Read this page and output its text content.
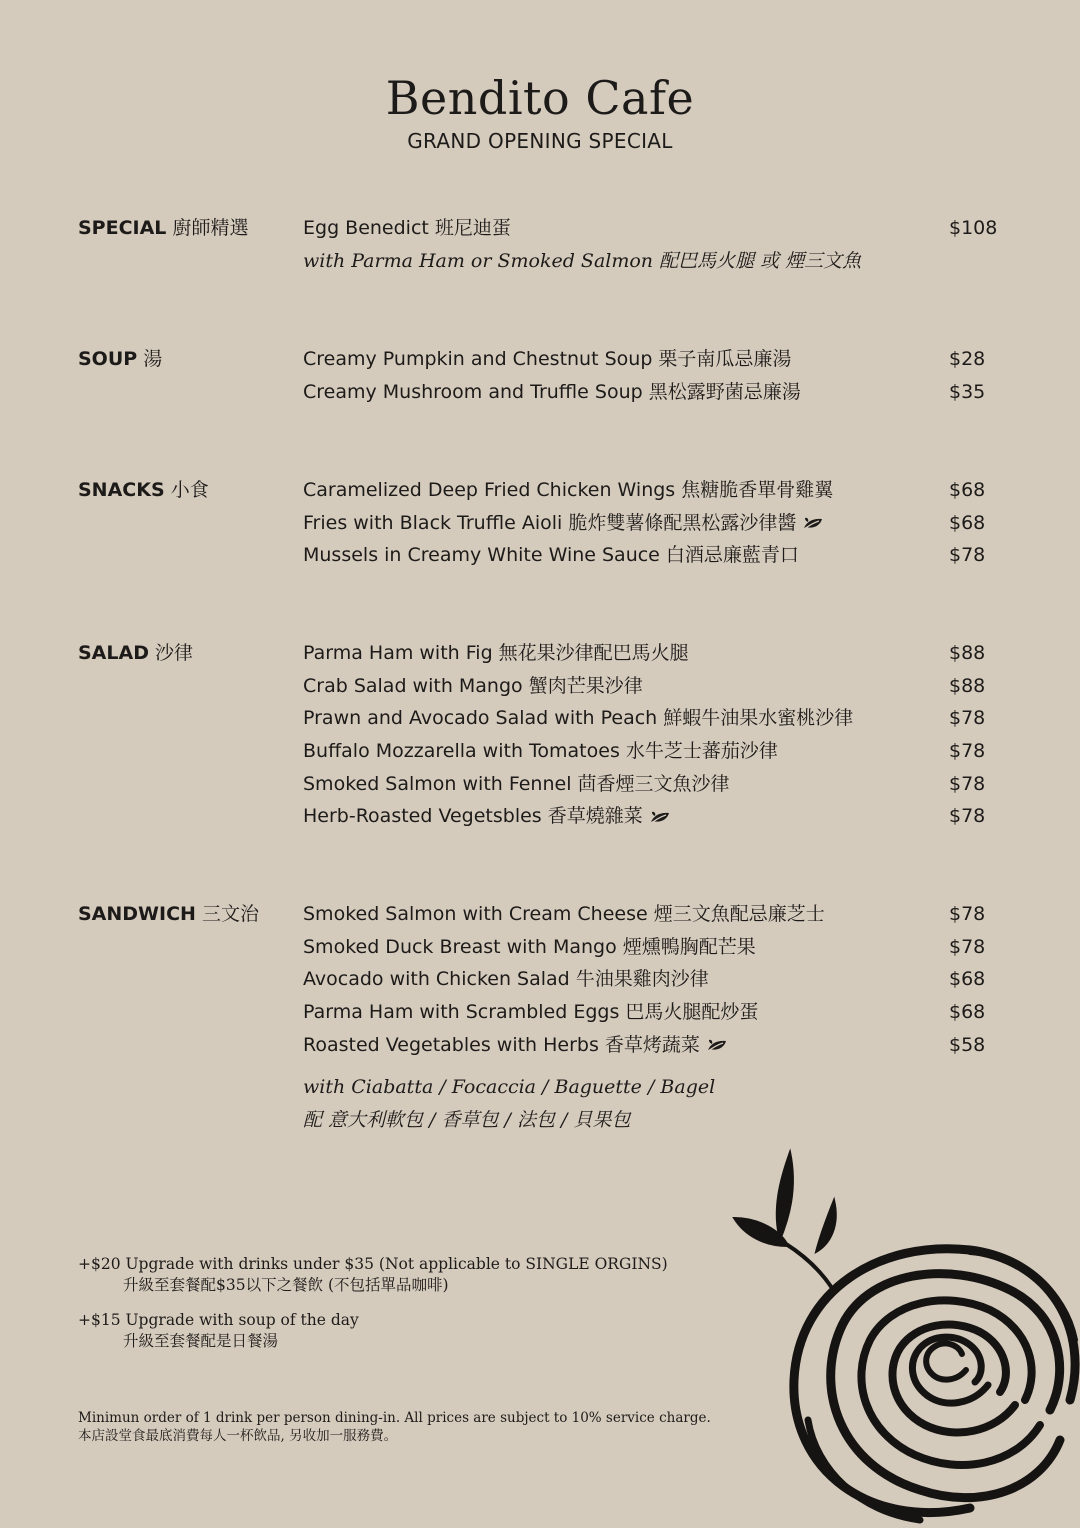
Bendito Cafe
GRAND OPENING SPECIAL
SPECIAL 廚師精選	Egg Benedict 班尼迪蛋	$108
with Parma Ham or Smoked Salmon 配巴馬火腿 或 煙三文魚
SOUP 湯	Creamy Pumpkin and Chestnut Soup 栗子南瓜忌廉湯	$28
Creamy Mushroom and Truffle Soup 黑松露野菌忌廉湯	$35
SNACKS 小食	Caramelized Deep Fried Chicken Wings 焦糖脆香單骨雞翼	$68
Fries with Black Truffle Aioli 脆炸雙薯條配黑松露沙律醬	$68
Mussels in Creamy White Wine Sauce 白酒忌廉藍青口	$78
SALAD 沙律	Parma Ham with Fig 無花果沙律配巴馬火腿	$88
Crab Salad with Mango 蟹肉芒果沙律	$88
Prawn and Avocado Salad with Peach 鮮蝦牛油果水蜜桃沙律	$78
Buffalo Mozzarella with Tomatoes 水牛芝士蕃茄沙律	$78
Smoked Salmon with Fennel 茴香煙三文魚沙律	$78
Herb-Roasted Vegetsbles 香草燒雜菜	$78
SANDWICH 三文治 Smoked Salmon with Cream Cheese 煙三文魚配忌廉芝士	$78
Smoked Duck Breast with Mango 煙燻鴨胸配芒果	$78
Avocado with Chicken Salad 牛油果雞肉沙律	$68
Parma Ham with Scrambled Eggs 巴馬火腿配炒蛋	$68
Roasted Vegetables with Herbs 香草烤蔬菜	$58
with Ciabatta / Focaccia / Baguette / Bagel
配 意大利軟包 / 香草包 / 法包 / 貝果包
+$20 Upgrade with drinks under $35 (Not applicable to SINGLE ORGINS)
升級至套餐配$35以下之餐飲 (不包括單品咖啡)
+$15 Upgrade with soup of the day
升級至套餐配是日餐湯
Minimun order of 1 drink per person dining-in. All prices are subject to 10% service charge.
本店設堂食最底消費每人一杯飲品, 另收加一服務費。
